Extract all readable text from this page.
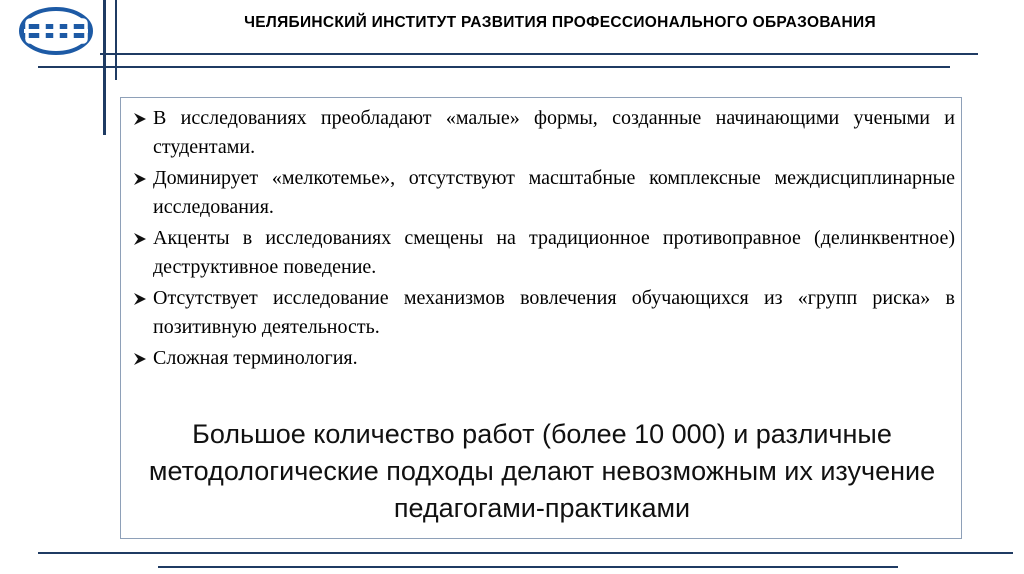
ЧЕЛЯБИНСКИЙ ИНСТИТУТ РАЗВИТИЯ ПРОФЕССИОНАЛЬНОГО ОБРАЗОВАНИЯ
В исследованиях преобладают «малые» формы, созданные начинающими учеными и студентами.
Доминирует «мелкотемье», отсутствуют масштабные комплексные междисциплинарные исследования.
Акценты в исследованиях смещены на традиционное противоправное (делинквентное) деструктивное поведение.
Отсутствует исследование механизмов вовлечения обучающихся из «групп риска» в позитивную деятельность.
Сложная терминология.
Большое количество работ (более 10 000) и различные методологические подходы делают невозможным их изучение педагогами-практиками
